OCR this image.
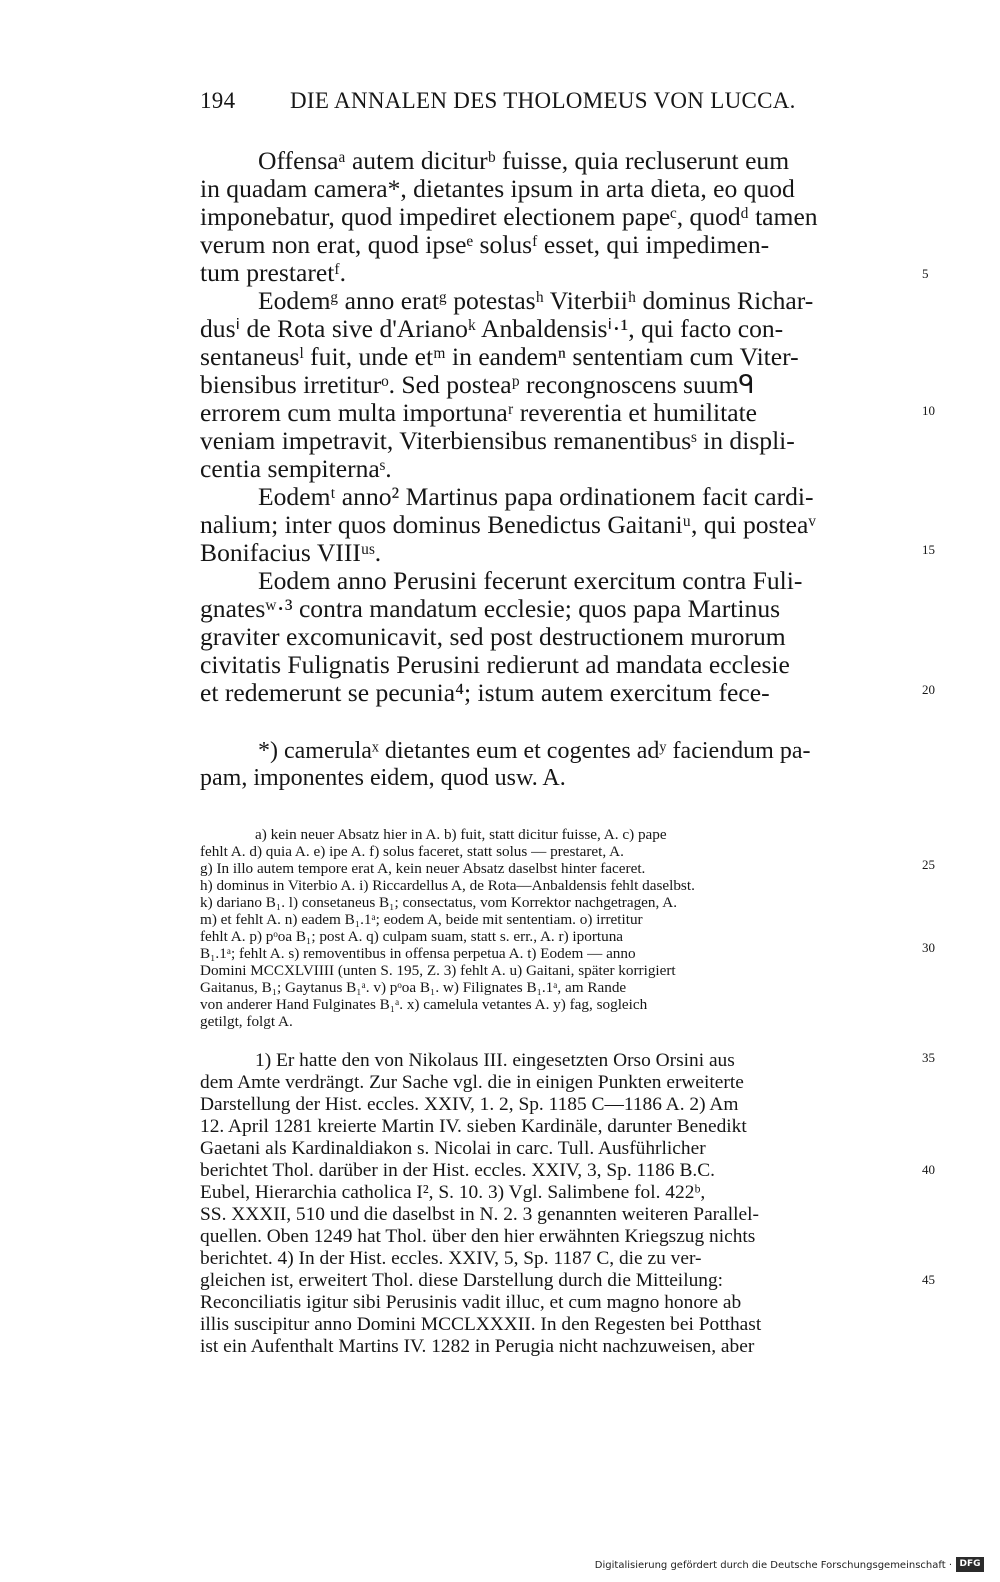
194 DIE ANNALEN DES THOLOMEUS VON LUCCA.

Offensaᵃ autem diciturᵇ fuisse, quia recluserunt eum

in quadam camera*, dietantes ipsum in arta dieta, eo quod

imponebatur, quod impediret electionem papeᶜ, quodᵈ tamen

verum non erat, quod ipseᵉ solusᶠ esset, qui impedimen-

tum prestaretᶠ.

Eodemᵍ anno eratᵍ potestasʰ Viterbiiʰ dominus Richar-

dusⁱ de Rota sive d'Arianoᵏ Anbaldensisⁱ·¹, qui facto con-

sentaneusˡ fuit, unde etᵐ in eandemⁿ sententiam cum Viter-

biensibus irretiturᵒ. Sed posteaᵖ recongnoscens suumᑫ

errorem cum multa importunaʳ reverentia et humilitate

veniam impetravit, Viterbiensibus remanentibusˢ in displi-

centia sempiternaˢ.

Eodemᵗ anno² Martinus papa ordinationem facit cardi-

nalium; inter quos dominus Benedictus Gaitaniᵘ, qui posteaᵛ

Bonifacius VIIIᵘˢ.

Eodem anno Perusini fecerunt exercitum contra Fuli-

gnatesʷ·³ contra mandatum ecclesie; quos papa Martinus

graviter excomunicavit, sed post destructionem murorum

civitatis Fulignatis Perusini redierunt ad mandata ecclesie

et redemerunt se pecunia⁴; istum autem exercitum fece-

*) camerulaˣ dietantes eum et cogentes adʸ faciendum pa-

pam, imponentes eidem, quod usw. A.

a) kein neuer Absatz hier in A. b) fuit, statt dicitur fuisse, A. c) pape

fehlt A. d) quia A. e) ipe A. f) solus faceret, statt solus — prestaret, A.

g) In illo autem tempore erat A, kein neuer Absatz daselbst hinter faceret.

h) dominus in Viterbio A. i) Riccardellus A, de Rota—Anbaldensis fehlt daselbst.

k) dariano B₁. l) consetaneus B₁; consectatus, vom Korrektor nachgetragen, A.

m) et fehlt A. n) eadem B₁.1ᵃ; eodem A, beide mit sententiam. o) irretitur

fehlt A. p) pᵒoa B₁; post A. q) culpam suam, statt s. err., A. r) iportuna

B₁.1ᵃ; fehlt A. s) removentibus in offensa perpetua A. t) Eodem — anno

Domini MCCXLVIIII (unten S. 195, Z. 3) fehlt A. u) Gaitani, später korrigiert

Gaitanus, B₁; Gaytanus B₁ᵃ. v) pᵒoa B₁. w) Filignates B₁.1ᵃ, am Rande

von anderer Hand Fulginates B₁ᵃ. x) camelula vetantes A. y) fag, sogleich

getilgt, folgt A.

1) Er hatte den von Nikolaus III. eingesetzten Orso Orsini aus

dem Amte verdrängt. Zur Sache vgl. die in einigen Punkten erweiterte

Darstellung der Hist. eccles. XXIV, 1. 2, Sp. 1185 C—1186 A. 2) Am

12. April 1281 kreierte Martin IV. sieben Kardinäle, darunter Benedikt

Gaetani als Kardinaldiakon s. Nicolai in carc. Tull. Ausführlicher

berichtet Thol. darüber in der Hist. eccles. XXIV, 3, Sp. 1186 B.C.

Eubel, Hierarchia catholica I², S. 10. 3) Vgl. Salimbene fol. 422ᵇ,

SS. XXXII, 510 und die daselbst in N. 2. 3 genannten weiteren Parallel-

quellen. Oben 1249 hat Thol. über den hier erwähnten Kriegszug nichts

berichtet. 4) In der Hist. eccles. XXIV, 5, Sp. 1187 C, die zu ver-

gleichen ist, erweitert Thol. diese Darstellung durch die Mitteilung:

Reconciliatis igitur sibi Perusinis vadit illuc, et cum magno honore ab

illis suscipitur anno Domini MCCLXXXII. In den Regesten bei Potthast

ist ein Aufenthalt Martins IV. 1282 in Perugia nicht nachzuweisen, aber

5
10
15
20
25
30
35
40
45
Digitalisierung gefördert durch die Deutsche Forschungsgemeinschaft · DFG
